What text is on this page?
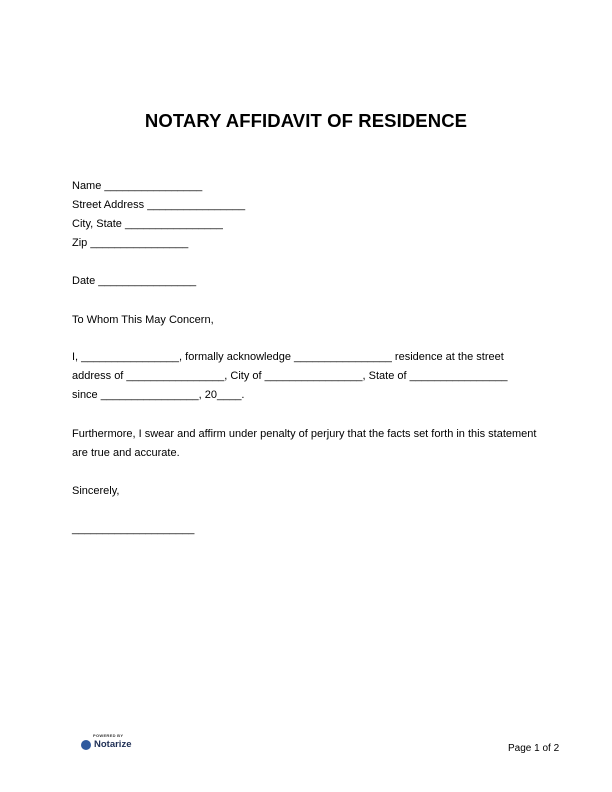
NOTARY AFFIDAVIT OF RESIDENCE
Name ________________
Street Address ________________
City, State ________________
Zip ________________
Date ________________
To Whom This May Concern,
I, ________________, formally acknowledge ________________ residence at the street
address of ________________, City of ________________, State of ________________
since ________________, 20____.
Furthermore, I swear and affirm under penalty of perjury that the facts set forth in this statement
are true and accurate.
Sincerely,
____________________
POWERED BY
Notarize	Page 1 of 2
